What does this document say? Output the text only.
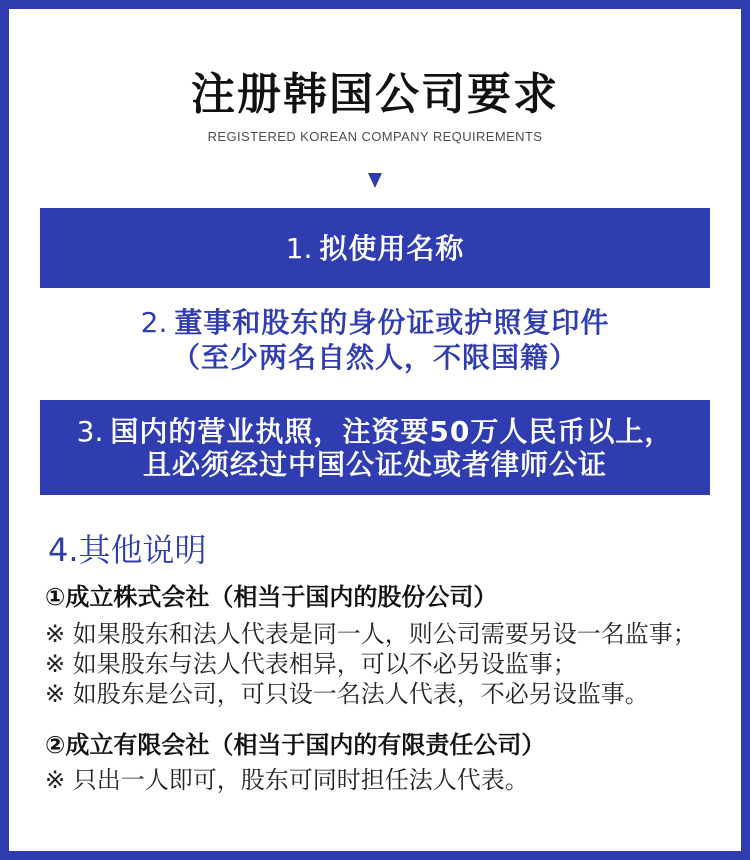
注册韩国公司要求
REGISTERED KOREAN COMPANY REQUIREMENTS
1. 拟使用名称
2. 董事和股东的身份证或护照复印件
（至少两名自然人，不限国籍）
3. 国内的营业执照，注资要50万人民币以上，
且必须经过中国公证处或者律师公证
4.其他说明
①成立株式会社（相当于国内的股份公司）
※ 如果股东和法人代表是同一人，则公司需要另设一名监事；
※ 如果股东与法人代表相异，可以不必另设监事；
※ 如股东是公司，可只设一名法人代表，不必另设监事。
②成立有限会社（相当于国内的有限责任公司）
※ 只出一人即可，股东可同时担任法人代表。
